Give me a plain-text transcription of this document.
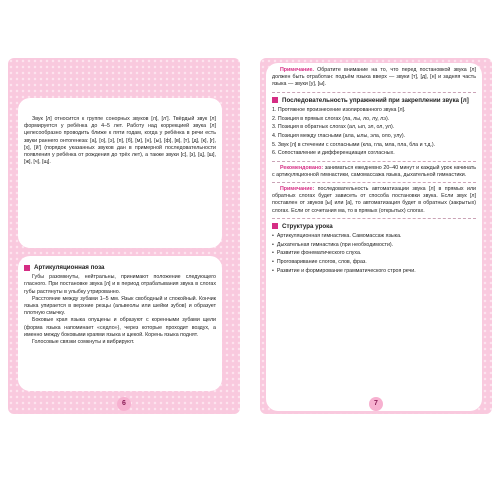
Звук [л] относится к группе сонорных звуков [л], [л']. Твёрдый звук [л] формируется у ребёнка до 4–5 лет. Работу над коррекцией звука [л] целесообразно проводить ближе к пяти годам, когда у ребёнка в речи есть звуки раннего онтогенеза: [а], [о], [э], [п], [б], [м], [н], [ы], [ф], [в], [т], [д], [к], [г], [х], [й'] (порядок указанных звуков дан в примерной последовательности появления у ребёнка от рождения до трёх лет), а также звуки [с], [з], [ц], [ш], [ж], [ч], [щ].

Артикуляционная поза

Губы разомкнуты, нейтральны, принимают положение следующего гласного. При постановке звука [л] и в период отрабатывания звука в слогах губы растянуты в улыбку утрированно.

Расстояние между зубами 1–5 мм. Язык свободный и спокойный. Кончик языка упирается в верхние резцы (альвеолы или шейки зубов) и образует плотную смычку.

Боковые края языка опущены и образуют с коренными зубами щели (форма языка напоминает «седло»), через которые проходит воздух, а именно между боковыми краями языка и щекой. Корень языка поднят.

Голосовые связки сомкнуты и вибрируют.

6

Примечание. Обратите внимание на то, что перед постановкой звука [л] должен быть отработан: подъём языка вверх — звуки [т], [д], [н] и задняя часть языка — звуки [у], [ы].

Последовательность упражнений при закреплении звука [л]
1. Протяжное произнесение изолированного звука [л].
2. Позиция в прямых слогах (ла, лы, ло, лу, лэ).
3. Позиция в обратных слогах (ал, ыл, эл, ол, ул).
4. Позиция между гласными (ала, ылы, эла, оло, улу).
5. Звук [л] в стечении с согласными (кла, гла, мла, пла, бла и т.д.).
6. Сопоставление и дифференциация согласных.

Рекомендовано: заниматься ежедневно 20–40 минут и каждый урок начинать с артикуляционной гимнастики, самомассажа языка, дыхательной гимнастики.

Примечание: последовательность автоматизации звука [л] в прямых или обратных слогах будет зависеть от способа постановки звука. Если звук [л] поставлен от звуков [ы] или [а], то автоматизация будет в обратных (закрытых) слогах. Если от сочетания ма, то в прямых (открытых) слогах.

Структура урока
• Артикуляционная гимнастика. Самомассаж языка.
• Дыхательная гимнастика (при необходимости).
• Развитие фонематического слуха.
• Проговаривание слогов, слов, фраз.
• Развитие и формирование грамматического строя речи.
7
